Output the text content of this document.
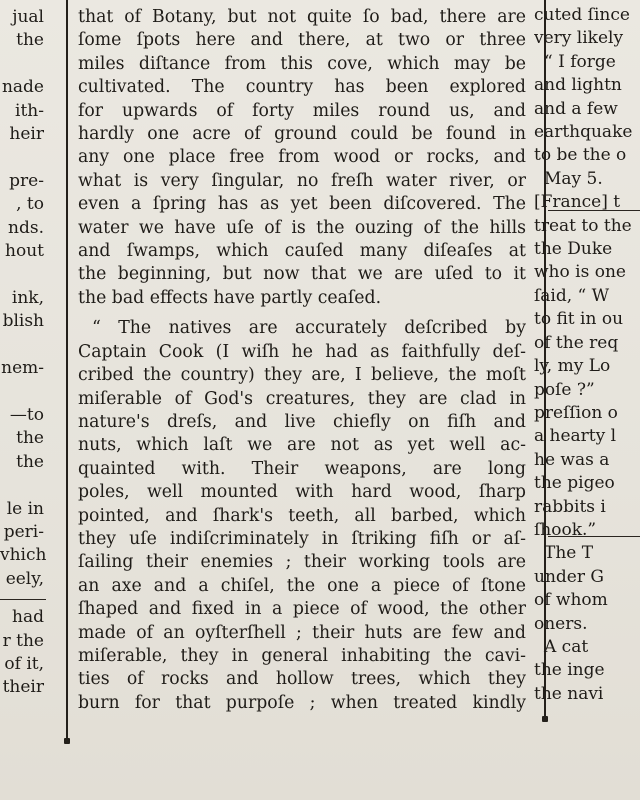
jual
the

nade
ith-
heir

pre-
, to
nds.
hout

ink,
blish

nem-

—to
the
the

le in
peri-
vhich
eely,
had
r the
of it,
their
that of Botany, but not quite ſo bad, there are
ſome ſpots here and there, at two or three
miles diſtance from this cove, which may be
cultivated. The country has been explored
for upwards of forty miles round us, and
hardly one acre of ground could be found in
any one place free from wood or rocks, and
what is very ſingular, no freſh water river, or
even a ſpring has as yet been diſcovered. The
water we have uſe of is the ouzing of the hills
and ſwamps, which cauſed many diſeaſes at
the beginning, but now that we are uſed to it
the bad effects have partly ceaſed.
“ The natives are accurately deſcribed by
Captain Cook (I wiſh he had as faithfully deſ-
cribed the country) they are, I believe, the moſt
miſerable of God's creatures, they are clad in
nature's dreſs, and live chiefly on fiſh and
nuts, which laſt we are not as yet well ac-
quainted with. Their weapons, are long
poles, well mounted with hard wood, ſharp
pointed, and ſhark's teeth, all barbed, which
they uſe indiſcriminately in ſtriking fiſh or aſ-
ſailing their enemies ; their working tools are
an axe and a chiſel, the one a piece of ſtone
ſhaped and fixed in a piece of wood, the other
made of an oyſterſhell ; their huts are few and
miſerable, they in general inhabiting the cavi-
ties of rocks and hollow trees, which they
burn for that purpoſe ; when treated kindly
cuted ſince
very likely
“ I forge
and lightn
and a few
earthquake
to be the o
May 5.
[France] t
treat to the
the Duke
who is one
ſaid, “ W
to fit in ou
of the req
ly, my Lo
poſe ?”
preſſion o
a hearty l
he was a
the pigeo
rabbits i
ſhook.”
The T
under G
of whom
oners.
A cat
the inge
the navi
